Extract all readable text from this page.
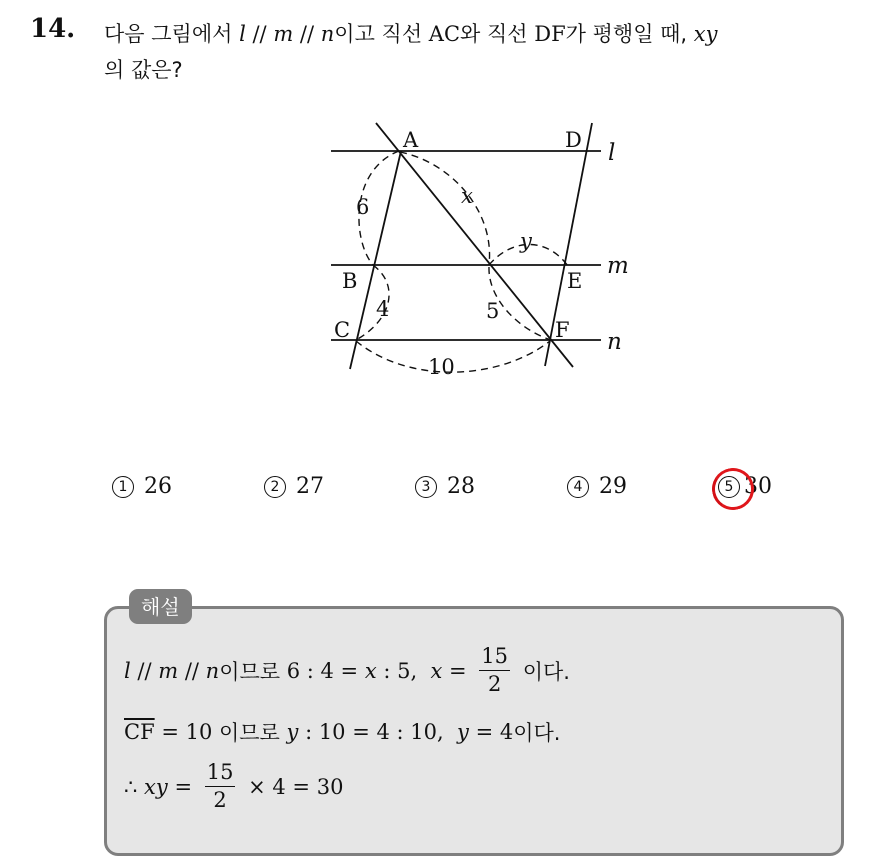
14. 다음 그림에서 l // m // n이고 직선 AC와 직선 DF가 평행일 때, xy
의 값은?
A
B
C
D
E
F
l
m
n
6
4
x
y
5
10
1 26	2 27	3 28	4 29	5 30
해설
l // m // n 이므로 6 : 4 = x : 5, $x = \frac{15}{2}$ 이다.
$\overline{CF} = 10$ 이므로 y : 10 = 4 : 10, y = 4 이다.
∴ xy = $\frac{15}{2} \times 4 = 30$
